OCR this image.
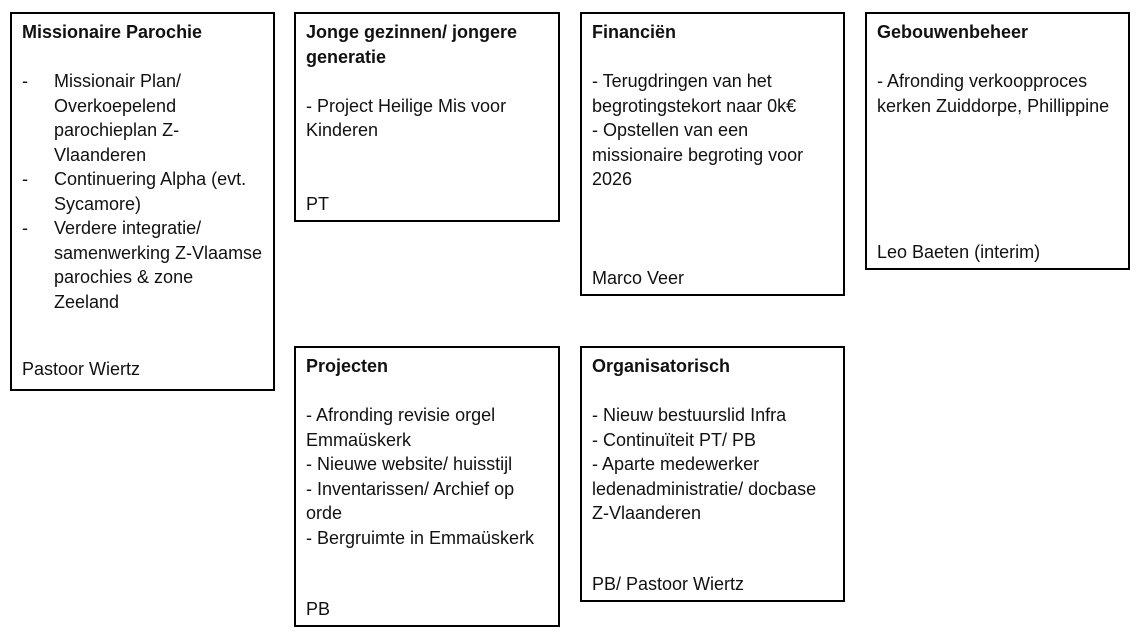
Missionaire Parochie

- Missionair Plan/ Overkoepelend parochieplan Z-Vlaanderen
- Continuering Alpha (evt. Sycamore)
- Verdere integratie/ samenwerking Z-Vlaamse parochies & zone Zeeland
Pastoor Wiertz

Jonge gezinnen/ jongere generatie

- Project Heilige Mis voor Kinderen

PT

Financiën

- Terugdringen van het begrotingstekort naar 0k€

- Opstellen van een missionaire begroting voor 2026

Marco Veer

Gebouwenbeheer

- Afronding verkoopproces kerken Zuiddorpe, Phillippine

Leo Baeten (interim)

Projecten

- Afronding revisie orgel Emmaüskerk

- Nieuwe website/ huisstijl

- Inventarissen/ Archief op orde

- Bergruimte in Emmaüskerk

PB

Organisatorisch

- Nieuw bestuurslid Infra

- Continuïteit PT/ PB

- Aparte medewerker ledenadministratie/ docbase Z-Vlaanderen

PB/ Pastoor Wiertz
